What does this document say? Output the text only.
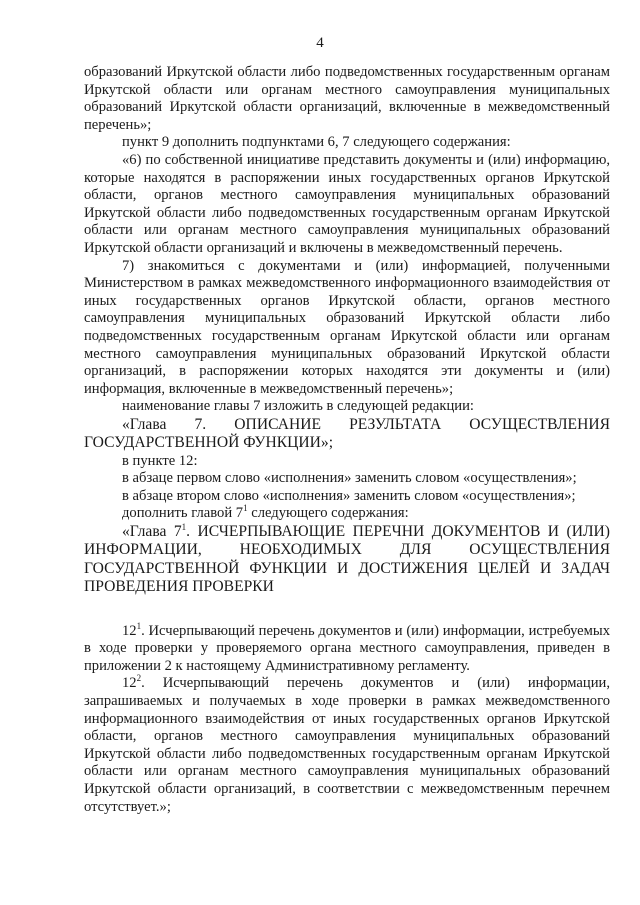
4

образований Иркутской области либо подведомственных государственным органам Иркутской области или органам местного самоуправления муниципальных образований Иркутской области организаций, включенные в межведомственный перечень»;

пункт 9 дополнить подпунктами 6, 7 следующего содержания:

«6) по собственной инициативе представить документы и (или) информацию, которые находятся в распоряжении иных государственных органов Иркутской области, органов местного самоуправления муниципальных образований Иркутской области либо подведомственных государственным органам Иркутской области или органам местного самоуправления муниципальных образований Иркутской области организаций и включены в межведомственный перечень.

7) знакомиться с документами и (или) информацией, полученными Министерством в рамках межведомственного информационного взаимодействия от иных государственных органов Иркутской области, органов местного самоуправления муниципальных образований Иркутской области либо подведомственных государственным органам Иркутской области или органам местного самоуправления муниципальных образований Иркутской области организаций, в распоряжении которых находятся эти документы и (или) информация, включенные в межведомственный перечень»;

наименование главы 7 изложить в следующей редакции:

«Глава 7. ОПИСАНИЕ РЕЗУЛЬТАТА ОСУЩЕСТВЛЕНИЯ ГОСУДАРСТВЕННОЙ ФУНКЦИИ»;

в пункте 12:

в абзаце первом слово «исполнения» заменить словом «осуществления»;

в абзаце втором слово «исполнения» заменить словом «осуществления»;

дополнить главой $7^1$ следующего содержания:

«Глава $7^1$. ИСЧЕРПЫВАЮЩИЕ ПЕРЕЧНИ ДОКУМЕНТОВ И (ИЛИ) ИНФОРМАЦИИ, НЕОБХОДИМЫХ ДЛЯ ОСУЩЕСТВЛЕНИЯ ГОСУДАРСТВЕННОЙ ФУНКЦИИ И ДОСТИЖЕНИЯ ЦЕЛЕЙ И ЗАДАЧ ПРОВЕДЕНИЯ ПРОВЕРКИ

$12^1$. Исчерпывающий перечень документов и (или) информации, истребуемых в ходе проверки у проверяемого органа местного самоуправления, приведен в приложении 2 к настоящему Административному регламенту.

$12^2$. Исчерпывающий перечень документов и (или) информации, запрашиваемых и получаемых в ходе проверки в рамках межведомственного информационного взаимодействия от иных государственных органов Иркутской области, органов местного самоуправления муниципальных образований Иркутской области либо подведомственных государственным органам Иркутской области или органам местного самоуправления муниципальных образований Иркутской области организаций, в соответствии с межведомственным перечнем отсутствует.»;
